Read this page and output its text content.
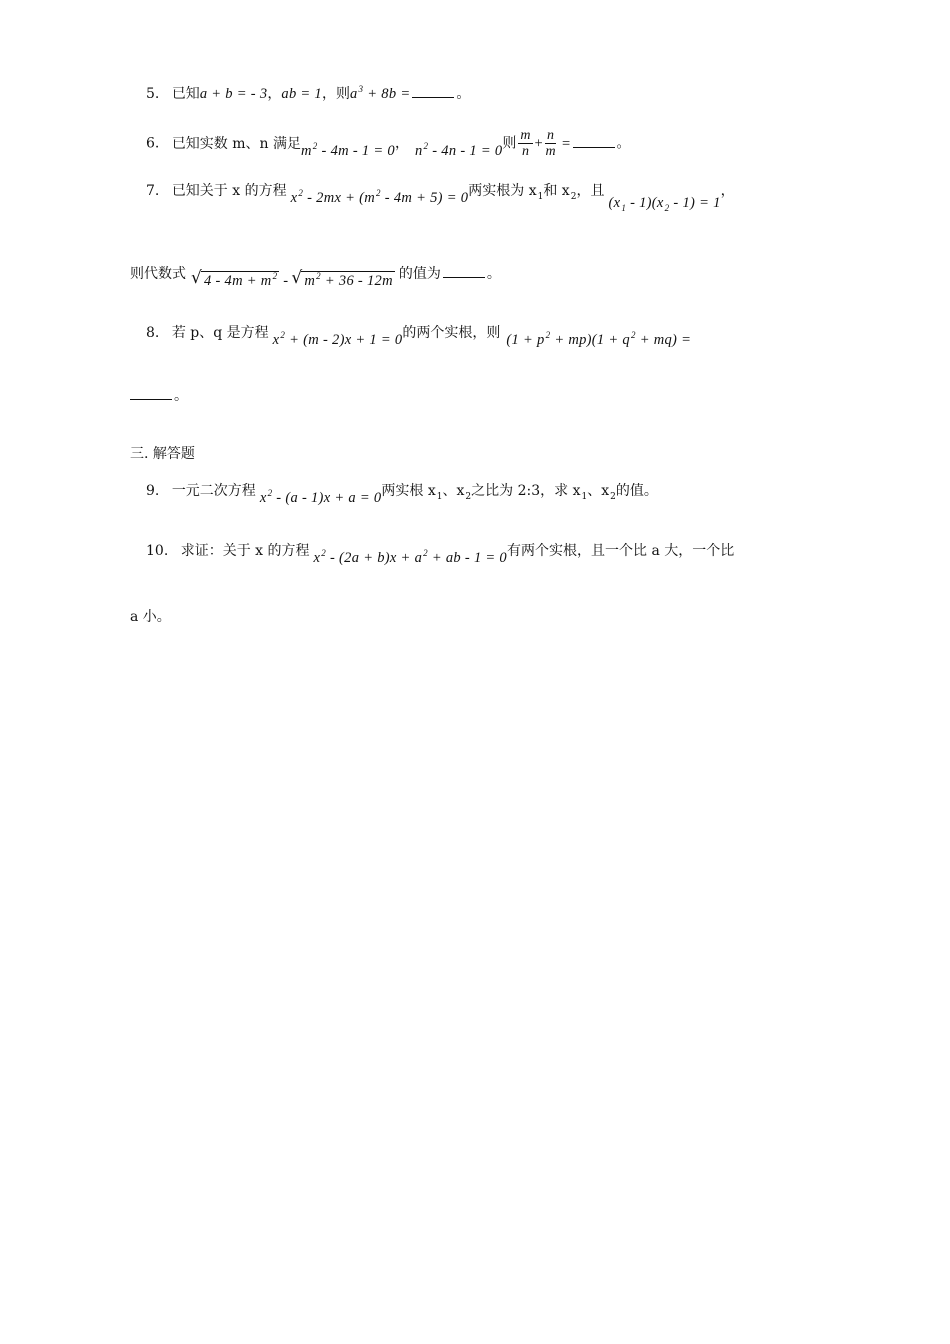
5. 已知a + b = - 3，ab = 1，则$a^3 + 8b$ =	。
6. 已知实数 m、n 满足$m^2 - 4m - 1 = 0$， $n^2 - 4n - 1 = 0$则 $\frac{m}{n} + \frac{n}{m}$ =	。
7. 已知关于 x 的方程 $x^2 - 2mx + (m^2 - 4m + 5) = 0$两实根为 $x_1$和 $x_2$，且$(x_1 - 1)(x_2 - 1) = 1$，
则代数式√ $4 - 4m + m^2$ - √ $m^2 + 36 - 12m$ 的值为	。
8. 若 p、q 是方程 $x^2 + (m - 2)x + 1 = 0$的两个实根，则 $(1 + p^2 + mp)(1 + q^2 + mq)$ =
。
三. 解答题
9. 一元二次方程 $x^2 - (a - 1)x + a = 0$两实根 $x_1$、$x_2$之比为 2:3，求 $x_1$、$x_2$的值。
10. 求证：关于 x 的方程 $x^2 - (2a + b)x + a^2$ + ab - 1 = 0有两个实根，且一个比 a 大，一个比
a 小。
